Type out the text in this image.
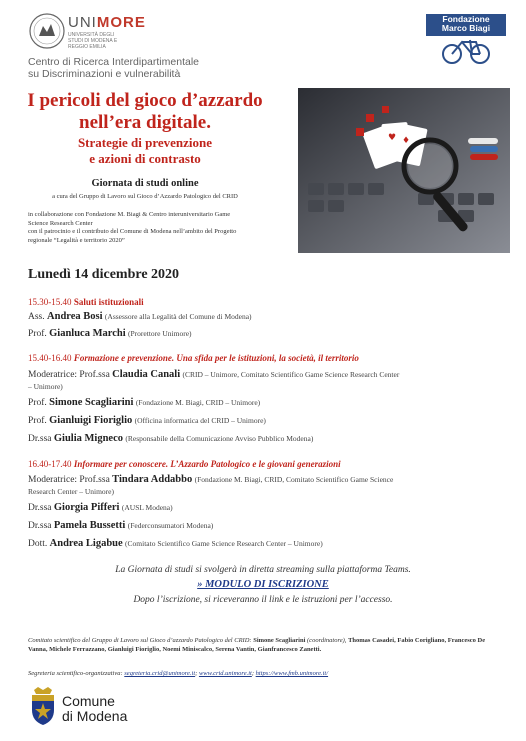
UNIMORE
UNIVERSITÀ DEGLI STUDI DI MODENA E REGGIO EMILIA
Centro di Ricerca Interdipartimentale
su Discriminazioni e vulnerabilità
Fondazione
Marco Biagi
I pericoli del gioco d’azzardo
nell’era digitale.
Strategie di prevenzione
e azioni di contrasto
Giornata di studi online
a cura del Gruppo di Lavoro sul Gioco d’Azzardo Patologico del CRID
in collaborazione con Fondazione M. Biagi & Centro interuniversitario Game
Science Research Center
con il patrocinio e il contributo del Comune di Modena nell’ambito del Progetto
regionale “Legalità e territorio 2020”
♥ ♦
Lunedì 14 dicembre 2020
15.30-15.40 Saluti istituzionali
Ass. Andrea Bosi (Assessore alla Legalità del Comune di Modena)
Prof. Gianluca Marchi (Prorettore Unimore)
15.40-16.40 Formazione e prevenzione. Una sfida per le istituzioni, la società, il territorio
Moderatrice: Prof.ssa Claudia Canali (CRID – Unimore, Comitato Scientifico Game Science Research Center
– Unimore)
Prof. Simone Scagliarini (Fondazione M. Biagi, CRID – Unimore)
Prof. Gianluigi Fioriglio (Officina informatica del CRID – Unimore)
Dr.ssa Giulia Migneco (Responsabile della Comunicazione Avviso Pubblico Modena)
16.40-17.40 Informare per conoscere. L’Azzardo Patologico e le giovani generazioni
Moderatrice: Prof.ssa Tindara Addabbo (Fondazione M. Biagi, CRID, Comitato Scientifico Game Science
Research Center – Unimore)
Dr.ssa Giorgia Pifferi (AUSL Modena)
Dr.ssa Pamela Bussetti (Federconsumatori Modena)
Dott. Andrea Ligabue (Comitato Scientifico Game Science Research Center – Unimore)
La Giornata di studi si svolgerà in diretta streaming sulla piattaforma Teams.
» MODULO DI ISCRIZIONE
Dopo l’iscrizione, si riceveranno il link e le istruzioni per l’accesso.
Comitato scientifico del Gruppo di Lavoro sul Gioco d’azzardo Patologico del CRID: Simone Scagliarini (coordinatore), Thomas Casadei, Fabio Corigliano, Francesco De Vanna, Michele Ferrazzano, Gianluigi Fioriglio, Noemi Miniscalco, Serena Vantin, Gianfrancesco Zanetti.
Segreteria scientifico-organizzativa: segreteria.crid@unimore.it; www.crid.unimore.it; https://www.fmb.unimore.it/
Comune
di Modena
